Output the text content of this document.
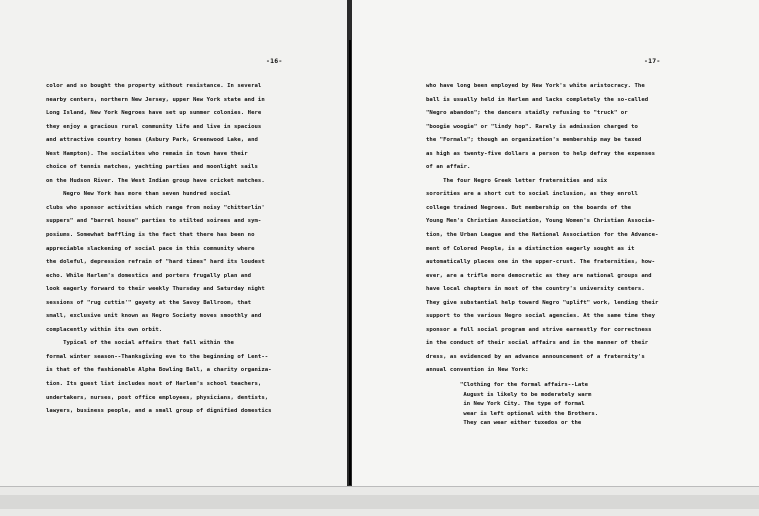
-16-
color and so bought the property without resistance. In several
nearby centers, northern New Jersey, upper New York state and in
Long Island, New York Negroes have set up summer colonies. Here
they enjoy a gracious rural community life and live in spacious
and attractive country homes (Asbury Park, Greenwood Lake, and
West Hampton). The socialites who remain in town have their
choice of tennis matches, yachting parties and moonlight sails
on the Hudson River. The West Indian group have cricket matches.
Negro New York has more than seven hundred social
clubs who sponsor activities which range from noisy "chitterlin'
suppers" and "barrel house" parties to stilted soirees and sym-
posiums. Somewhat baffling is the fact that there has been no
appreciable slackening of social pace in this community where
the doleful, depression refrain of "hard times" hard its loudest
echo. While Harlem's domestics and porters frugally plan and
look eagerly forward to their weekly Thursday and Saturday night
sessions of "rug cuttin'" gayety at the Savoy Ballroom, that
small, exclusive unit known as Negro Society moves smoothly and
complacently within its own orbit.
Typical of the social affairs that fall within the
formal winter season--Thanksgiving eve to the beginning of Lent--
is that of the fashionable Alpha Bowling Ball, a charity organiza-
tion. Its guest list includes most of Harlem's school teachers,
undertakers, nurses, post office employees, physicians, dentists,
lawyers, business people, and a small group of dignified domestics
-17-
who have long been employed by New York's white aristocracy. The
ball is usually held in Harlem and lacks completely the so-called
"Negro abandon"; the dancers staidly refusing to "truck" or
"boogie woogie" or "lindy hop". Rarely is admission charged to
the "Formals"; though an organization's membership may be taxed
as high as twenty-five dollars a person to help defray the expenses
of an affair.
The four Negro Greek letter fraternities and six
sororities are a short cut to social inclusion, as they enroll
college trained Negroes. But membership on the boards of the
Young Men's Christian Association, Young Women's Christian Associa-
tion, the Urban League and the National Association for the Advance-
ment of Colored People, is a distinction eagerly sought as it
automatically places one in the upper-crust. The fraternities, how-
ever, are a trifle more democratic as they are national groups and
have local chapters in most of the country's university centers.
They give substantial help toward Negro "uplift" work, lending their
support to the various Negro social agencies. At the same time they
sponsor a full social program and strive earnestly for correctness
in the conduct of their social affairs and in the manner of their
dress, as evidenced by an advance announcement of a fraternity's
annual convention in New York:
"Clothing for the formal affairs--Late
August is likely to be moderately warm
in New York City. The type of formal
wear is left optional with the Brothers.
They can wear either tuxedos or the
